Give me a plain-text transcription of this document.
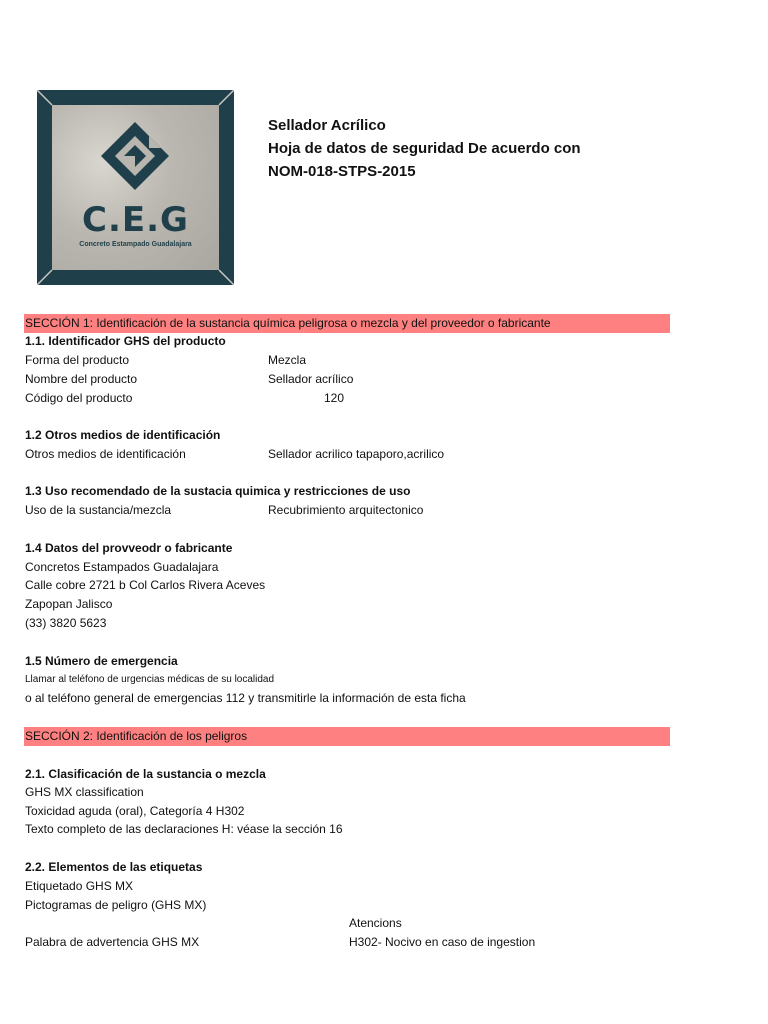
C.E.G
Concreto Estampado Guadalajara
Sellador Acrílico
Hoja de datos de seguridad De acuerdo con
NOM-018-STPS-2015
SECCIÓN 1: Identificación de la sustancia química peligrosa o mezcla y del proveedor o fabricante
1.1. Identificador GHS del producto
Forma del producto	Mezcla
Nombre del producto	Sellador acrílico
Código del producto	120
1.2 Otros medios de identificación
Otros medios de identificación	Sellador acrilico tapaporo,acrilico
1.3 Uso recomendado de la sustacia quimica y restricciones de uso
Uso de la sustancia/mezcla	Recubrimiento arquitectonico
1.4 Datos del provveodr o fabricante
Concretos Estampados Guadalajara
Calle cobre 2721 b Col Carlos Rivera Aceves
Zapopan Jalisco
(33) 3820 5623
1.5 Número de emergencia
Llamar al teléfono de urgencias médicas de su localidad
o al teléfono general de emergencias 112 y transmitirle la información de esta ficha
SECCIÓN 2: Identificación de los peligros
2.1. Clasificación de la sustancia o mezcla
GHS MX classification
Toxicidad aguda (oral), Categoría 4 H302
Texto completo de las declaraciones H: véase la sección 16
2.2. Elementos de las etiquetas
Etiquetado GHS MX
Pictogramas de peligro (GHS MX)
Atencions
Palabra de advertencia GHS MX	H302- Nocivo en caso de ingestion
